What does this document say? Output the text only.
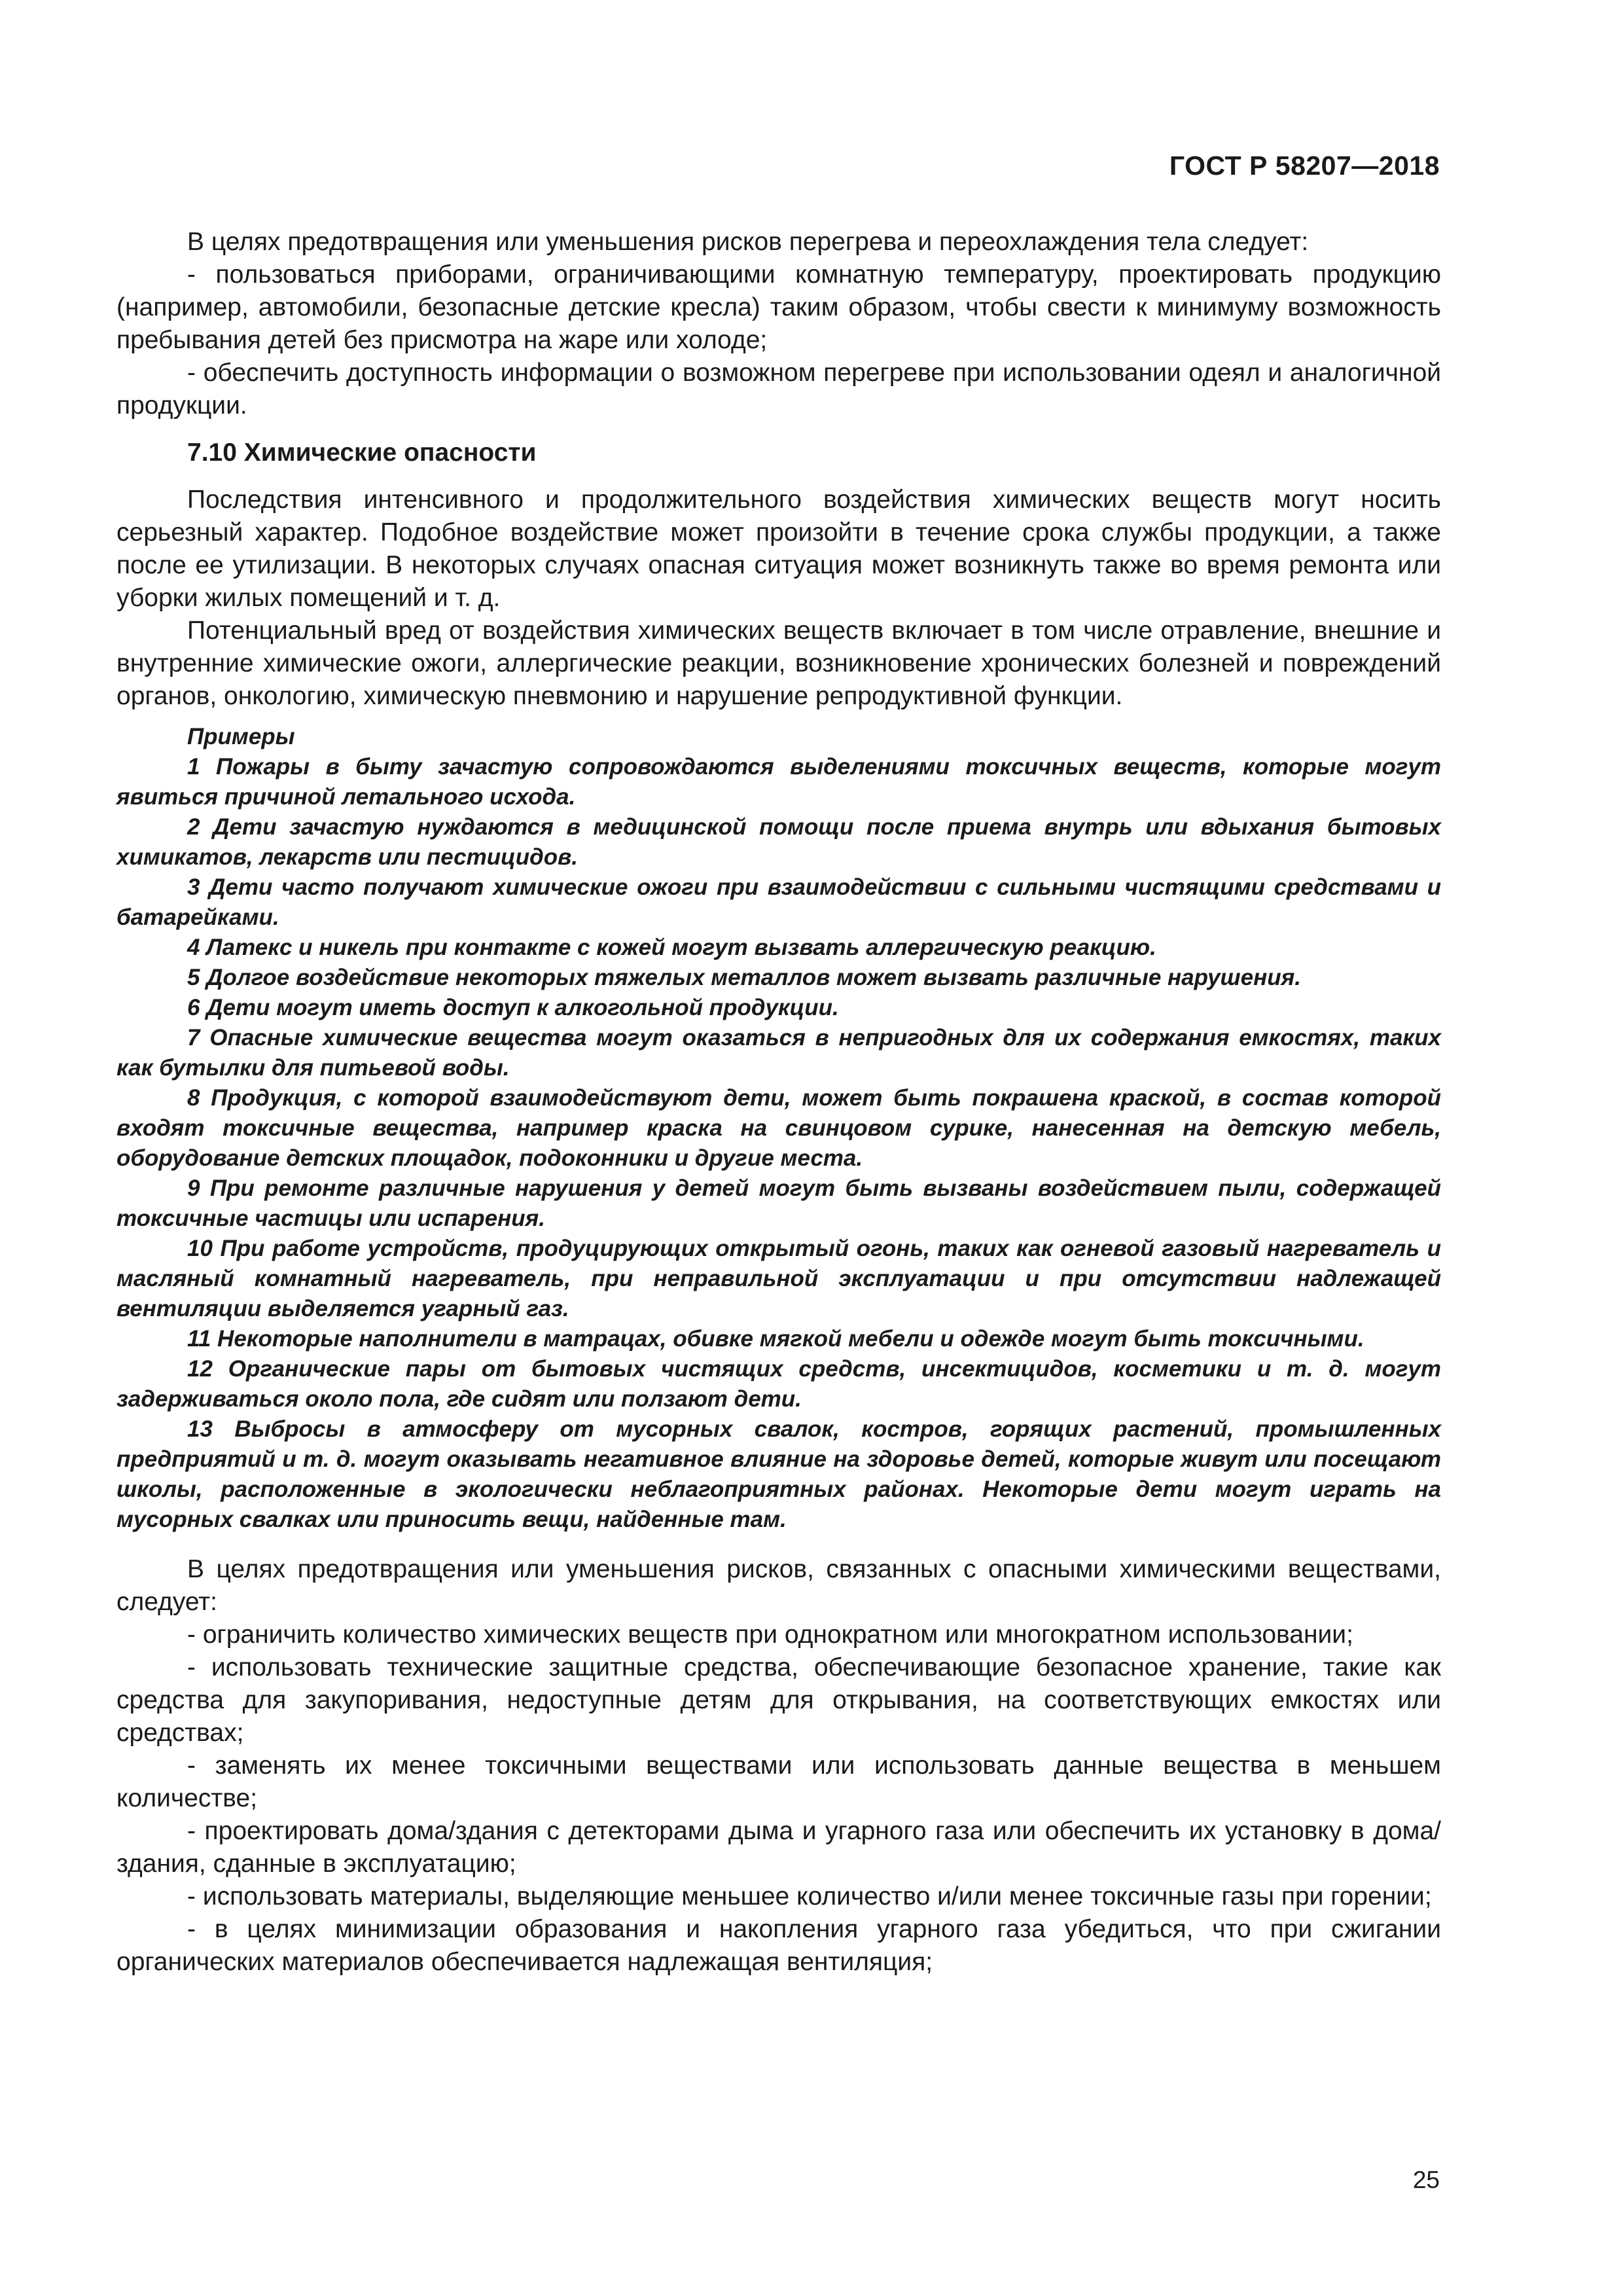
ГОСТ Р 58207—2018

В целях предотвращения или уменьшения рисков перегрева и переохлаждения тела следует:

- пользоваться приборами, ограничивающими комнатную температуру, проектировать продукцию (например, автомобили, безопасные детские кресла) таким образом, чтобы свести к минимуму возможность пребывания детей без присмотра на жаре или холоде;

- обеспечить доступность информации о возможном перегреве при использовании одеял и аналогичной продукции.

7.10 Химические опасности

Последствия интенсивного и продолжительного воздействия химических веществ могут носить серьезный характер. Подобное воздействие может произойти в течение срока службы продукции, а также после ее утилизации. В некоторых случаях опасная ситуация может возникнуть также во время ремонта или уборки жилых помещений и т. д.

Потенциальный вред от воздействия химических веществ включает в том числе отравление, внешние и внутренние химические ожоги, аллергические реакции, возникновение хронических болезней и повреждений органов, онкологию, химическую пневмонию и нарушение репродуктивной функции.

Примеры

1 Пожары в быту зачастую сопровождаются выделениями токсичных веществ, которые могут явиться причиной летального исхода.

2 Дети зачастую нуждаются в медицинской помощи после приема внутрь или вдыхания бытовых химикатов, лекарств или пестицидов.

3 Дети часто получают химические ожоги при взаимодействии с сильными чистящими средствами и батарейками.

4 Латекс и никель при контакте с кожей могут вызвать аллергическую реакцию.

5 Долгое воздействие некоторых тяжелых металлов может вызвать различные нарушения.

6 Дети могут иметь доступ к алкогольной продукции.

7 Опасные химические вещества могут оказаться в непригодных для их содержания емкостях, таких как бутылки для питьевой воды.

8 Продукция, с которой взаимодействуют дети, может быть покрашена краской, в состав которой входят токсичные вещества, например краска на свинцовом сурике, нанесенная на детскую мебель, оборудование детских площадок, подоконники и другие места.

9 При ремонте различные нарушения у детей могут быть вызваны воздействием пыли, содержащей токсичные частицы или испарения.

10 При работе устройств, продуцирующих открытый огонь, таких как огневой газовый нагреватель и масляный комнатный нагреватель, при неправильной эксплуатации и при отсутствии надлежащей вентиляции выделяется угарный газ.

11 Некоторые наполнители в матрацах, обивке мягкой мебели и одежде могут быть токсичными.

12 Органические пары от бытовых чистящих средств, инсектицидов, косметики и т. д. могут задерживаться около пола, где сидят или ползают дети.

13 Выбросы в атмосферу от мусорных свалок, костров, горящих растений, промышленных предприятий и т. д. могут оказывать негативное влияние на здоровье детей, которые живут или посещают школы, расположенные в экологически неблагоприятных районах. Некоторые дети могут играть на мусорных свалках или приносить вещи, найденные там.

В целях предотвращения или уменьшения рисков, связанных с опасными химическими веществами, следует:

- ограничить количество химических веществ при однократном или многократном использовании;

- использовать технические защитные средства, обеспечивающие безопасное хранение, такие как средства для закупоривания, недоступные детям для открывания, на соответствующих емкостях или средствах;

- заменять их менее токсичными веществами или использовать данные вещества в меньшем количестве;

- проектировать дома/здания с детекторами дыма и угарного газа или обеспечить их установку в дома/здания, сданные в эксплуатацию;

- использовать материалы, выделяющие меньшее количество и/или менее токсичные газы при горении;

- в целях минимизации образования и накопления угарного газа убедиться, что при сжигании органических материалов обеспечивается надлежащая вентиляция;

25
